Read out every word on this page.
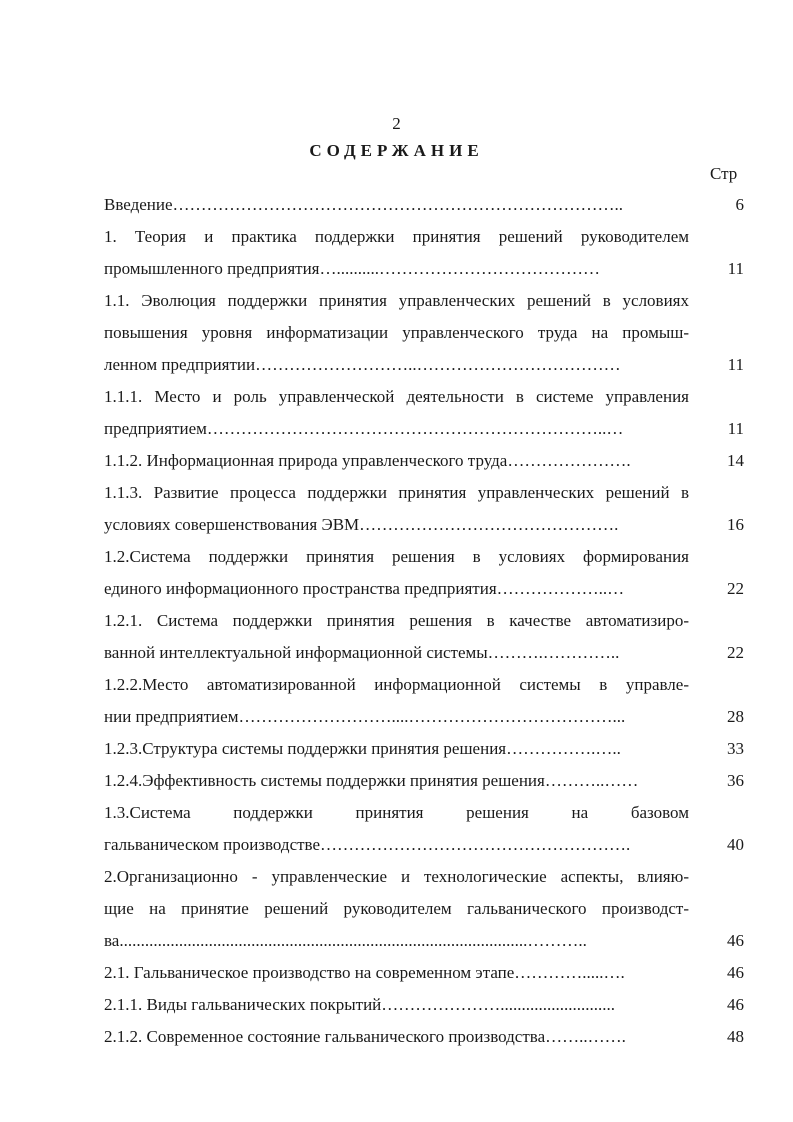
2
СОДЕРЖАНИЕ
Стр
Введение……………………………………………………………………..	6
1. Теория и практика поддержки принятия решений руководителем
промышленного предприятия…..........…………………………………	11
1.1. Эволюция поддержки принятия управленческих решений в условиях
повышения уровня информатизации управленческого труда на промыш-
ленном предприятии………………………..………………………………	11
1.1.1. Место и роль управленческой деятельности в системе управления
предприятием……………………………………………………………..…	11
1.1.2. Информационная природа управленческого труда………………….	14
1.1.3. Развитие процесса поддержки принятия управленческих решений в
условиях совершенствования ЭВМ……………………………………….	16
1.2.Система поддержки принятия решения в условиях формирования
единого информационного пространства предприятия………………..…	22
1.2.1. Система поддержки принятия решения в качестве автоматизиро-
ванной интеллектуальной информационной системы……….…………..	22
1.2.2.Место автоматизированной информационной системы в управле-
нии предприятием………………………....………………………………...	28
1.2.3.Структура системы поддержки принятия решения…………….…..	33
1.2.4.Эффективность системы поддержки принятия решения………..……	36
1.3.Система поддержки принятия решения на базовом
гальваническом производстве……………………………………………….	40
2.Организационно - управленческие и технологические аспекты, влияю-
щие на принятие решений руководителем гальванического производст-
ва................................................................................................………..	46
2.1. Гальваническое производство на современном этапе………….....….	46
2.1.1. Виды гальванических покрытий…………………...........................	46
2.1.2. Современное состояние гальванического производства……..…….	48
